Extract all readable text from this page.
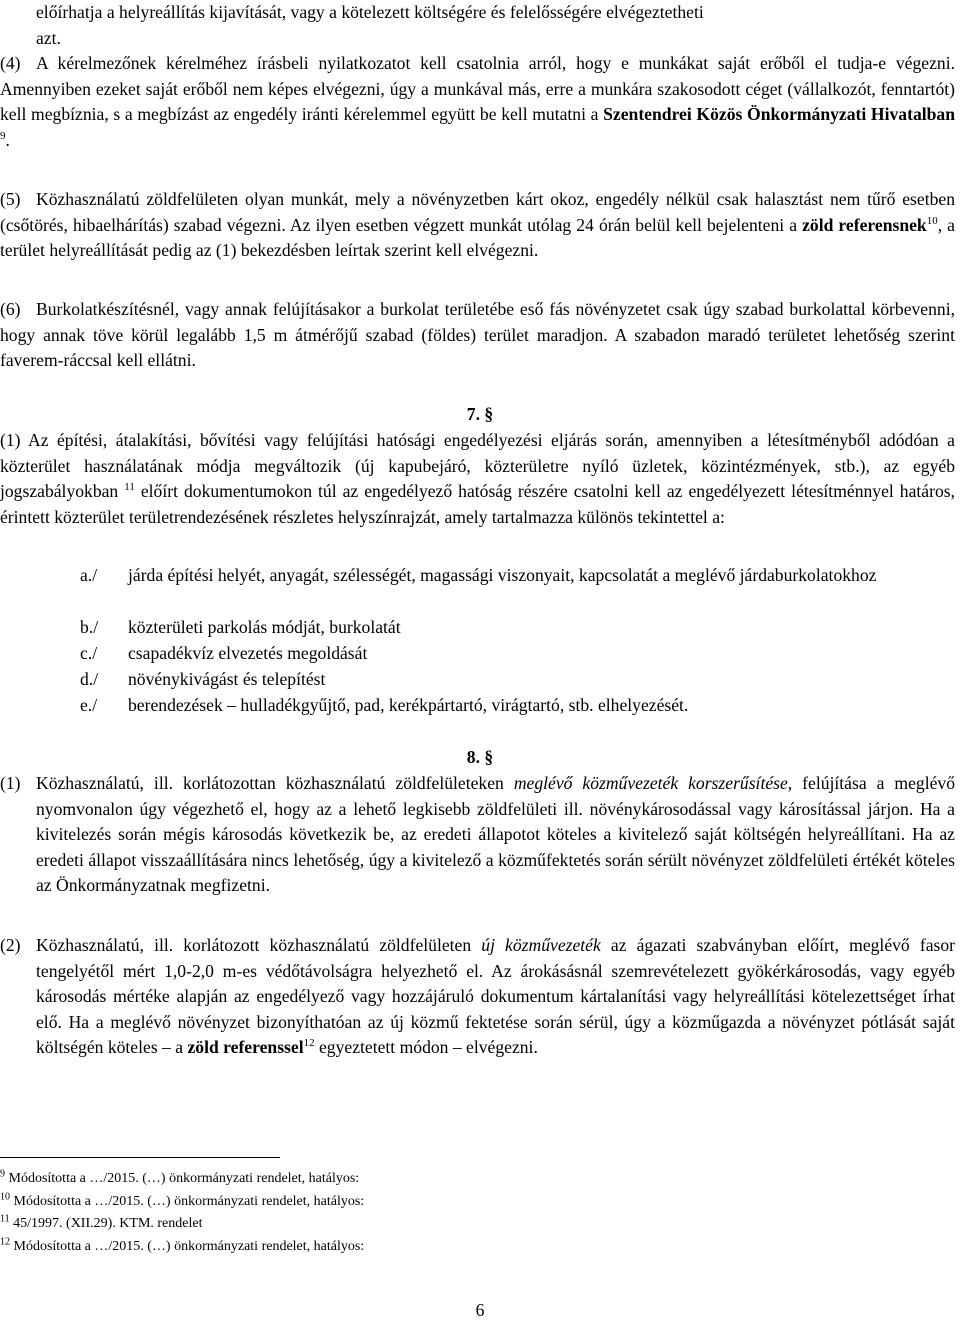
előírhatja a helyreállítás kijavítását, vagy a kötelezett költségére és felelősségére elvégeztetheti
azt.

(4) A kérelmezőnek kérelméhez írásbeli nyilatkozatot kell csatolnia arról, hogy e munkákat saját erőből el tudja-e végezni. Amennyiben ezeket saját erőből nem képes elvégezni, úgy a munkával más, erre a munkára szakosodott céget (vállalkozót, fenntartót) kell megbíznia, s a megbízást az engedély iránti kérelemmel együtt be kell mutatni a Szentendrei Közös Önkormányzati Hivatalban $^9$.

(5) Közhasználatú zöldfelületen olyan munkát, mely a növényzetben kárt okoz, engedély nélkül csak halasztást nem tűrő esetben (csőtörés, hibaelhárítás) szabad végezni. Az ilyen esetben végzett munkát utólag 24 órán belül kell bejelenteni a zöld referensnek$^{10}$, a terület helyreállítását pedig az (1) bekezdésben leírtak szerint kell elvégezni.

(6) Burkolatkészítésnél, vagy annak felújításakor a burkolat területébe eső fás növényzetet csak úgy szabad burkolattal körbevenni, hogy annak töve körül legalább 1,5 m átmérőjű szabad (földes) terület maradjon. A szabadon maradó területet lehetőség szerint faverem-ráccsal kell ellátni.

7. §

(1) Az építési, átalakítási, bővítési vagy felújítási hatósági engedélyezési eljárás során, amennyiben a létesítményből adódóan a közterület használatának módja megváltozik (új kapubejáró, közterületre nyíló üzletek, közintézmények, stb.), az egyéb jogszabályokban $^{11}$ előírt dokumentumokon túl az engedélyező hatóság részére csatolni kell az engedélyezett létesítménnyel határos, érintett közterület területrendezésének részletes helyszínrajzát, amely tartalmazza különös tekintettel a:

a./ járda építési helyét, anyagát, szélességét, magassági viszonyait, kapcsolatát a meglévő járdaburkolatokhoz
b./ közterületi parkolás módját, burkolatát
c./ csapadékvíz elvezetés megoldását
d./ növénykivágást és telepítést
e./ berendezések – hulladékgyűjtő, pad, kerékpártartó, virágtartó, stb. elhelyezését.

8. §

(1) Közhasználatú, ill. korlátozottan közhasználatú zöldfelületeken meglévő közművezeték korszerűsítése, felújítása a meglévő nyomvonalon úgy végezhető el, hogy az a lehető legkisebb zöldfelületi ill. növénykárosodással vagy károsítással járjon. Ha a kivitelezés során mégis károsodás következik be, az eredeti állapotot köteles a kivitelező saját költségén helyreállítani. Ha az eredeti állapot visszaállítására nincs lehetőség, úgy a kivitelező a közműfektetés során sérült növényzet zöldfelületi értékét köteles az Önkormányzatnak megfizetni.

(2) Közhasználatú, ill. korlátozott közhasználatú zöldfelületen új közművezeték az ágazati szabványban előírt, meglévő fasor tengelyétől mért 1,0-2,0 m-es védőtávolságra helyezhető el. Az árokásásnál szemrevételezett gyökérkárosodás, vagy egyéb károsodás mértéke alapján az engedélyező vagy hozzájáruló dokumentum kártalanítási vagy helyreállítási kötelezettséget írhat elő. Ha a meglévő növényzet bizonyíthatóan az új közmű fektetése során sérül, úgy a közműgazda a növényzet pótlását saját költségén köteles – a zöld referenssel$^{12}$ egyeztetett módon – elvégezni.

$^9$ Módosította a …/2015. (…) önkormányzati rendelet, hatályos:

$^{10}$ Módosította a …/2015. (…) önkormányzati rendelet, hatályos:

$^{11}$ 45/1997. (XII.29). KTM. rendelet

$^{12}$ Módosította a …/2015. (…) önkormányzati rendelet, hatályos:

6
